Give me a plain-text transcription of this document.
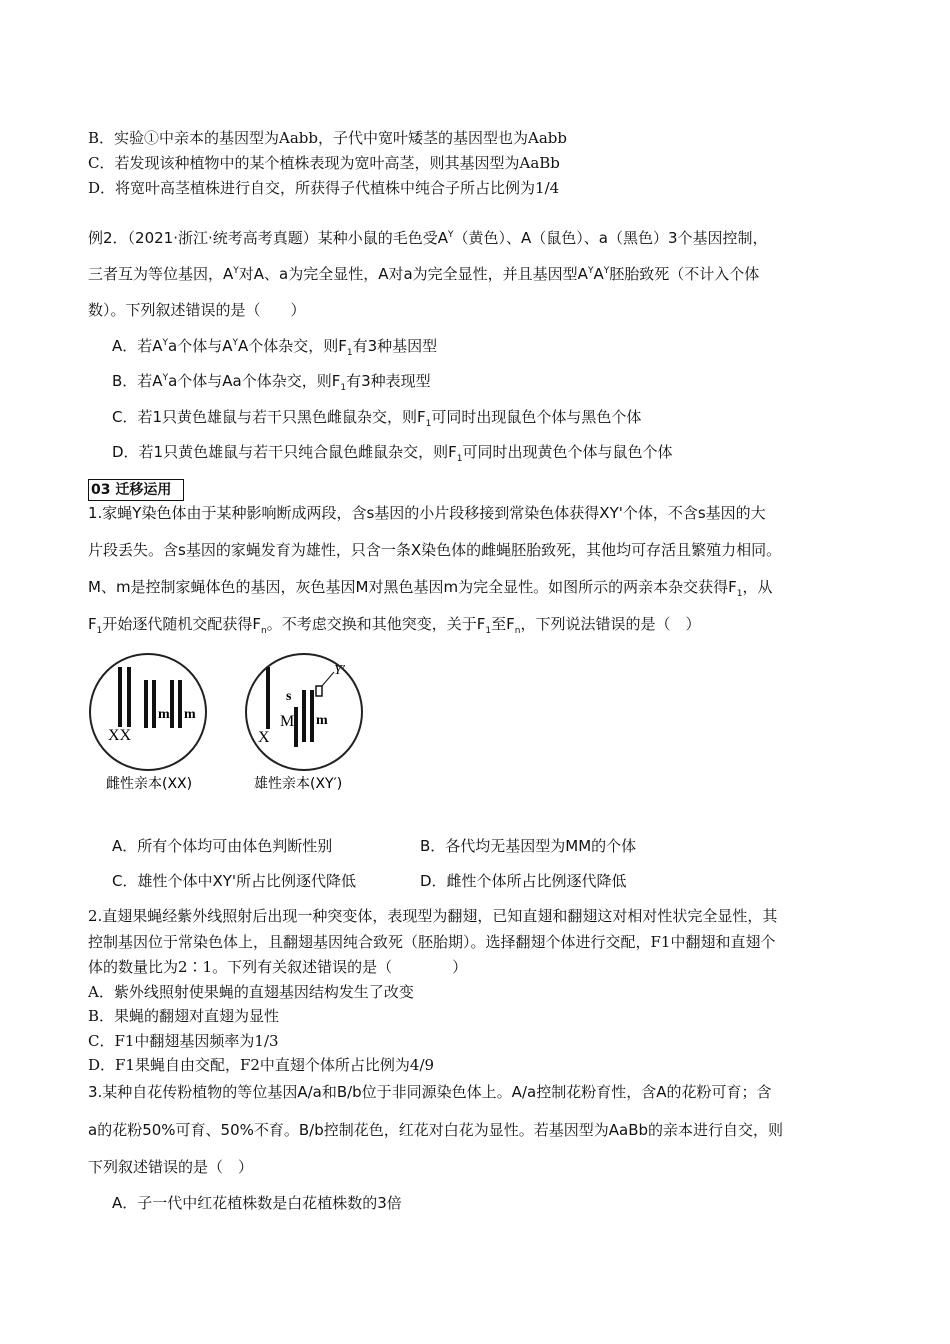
B．实验①中亲本的基因型为Aabb，子代中宽叶矮茎的基因型也为Aabb
C．若发现该种植物中的某个植株表现为宽叶高茎，则其基因型为AaBb
D．将宽叶高茎植株进行自交，所获得子代植株中纯合子所占比例为1/4
例2．（2021·浙江·统考高考真题）某种小鼠的毛色受$A^Y$（黄色）、A（鼠色）、a（黑色）3个基因控制，
三者互为等位基因，$A^Y$对A、a为完全显性，A对a为完全显性，并且基因型$A^YA^Y$胚胎致死（不计入个体
数）。下列叙述错误的是（　　）
A．若$A^Ya$个体与$A^YA$个体杂交，则$F_1$有3种基因型
B．若$A^Ya$个体与Aa个体杂交，则$F_1$有3种表现型
C．若1只黄色雄鼠与若干只黑色雌鼠杂交，则$F_1$可同时出现鼠色个体与黑色个体
D．若1只黄色雄鼠与若干只纯合鼠色雌鼠杂交，则$F_1$可同时出现黄色个体与鼠色个体
03 迁移运用
1.家蝇Y染色体由于某种影响断成两段，含s基因的小片段移接到常染色体获得XY'个体，不含s基因的大
片段丢失。含s基因的家蝇发育为雄性，只含一条X染色体的雌蝇胚胎致死，其他均可存活且繁殖力相同。
M、m是控制家蝇体色的基因，灰色基因M对黑色基因m为完全显性。如图所示的两亲本杂交获得$F_1$，从
$F_1$开始逐代随机交配获得$F_n$。不考虑交换和其他突变，关于$F_1$至$F_n$，下列说法错误的是（　）
XX
m m
雌性亲本(XX)
X
s
M m
Y′
雄性亲本(XY′)
A．所有个体均可由体色判断性别	B．各代均无基因型为MM的个体
C．雄性个体中XY'所占比例逐代降低	D．雌性个体所占比例逐代降低
2.直翅果蝇经紫外线照射后出现一种突变体，表现型为翻翅，已知直翅和翻翅这对相对性状完全显性，其
控制基因位于常染色体上，且翻翅基因纯合致死（胚胎期）。选择翻翅个体进行交配，F1中翻翅和直翅个
体的数量比为2∶1。下列有关叙述错误的是（　　　　）
A．紫外线照射使果蝇的直翅基因结构发生了改变
B．果蝇的翻翅对直翅为显性
C．F1中翻翅基因频率为1/3
D．F1果蝇自由交配，F2中直翅个体所占比例为4/9
3.某种自花传粉植物的等位基因A/a和B/b位于非同源染色体上。A/a控制花粉育性，含A的花粉可育；含
a的花粉50%可育、50%不育。B/b控制花色，红花对白花为显性。若基因型为AaBb的亲本进行自交，则
下列叙述错误的是（　）
A．子一代中红花植株数是白花植株数的3倍
